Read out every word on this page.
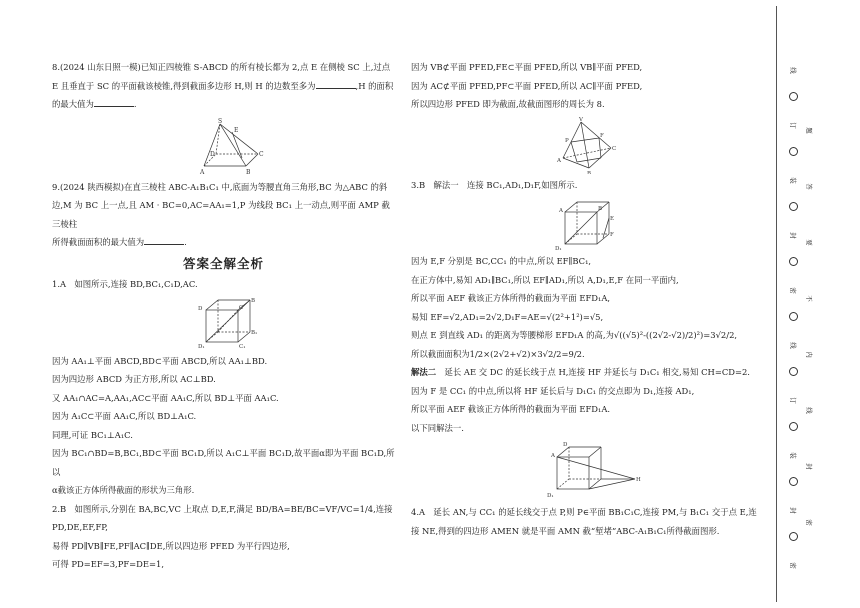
8.(2024 山东日照一模)已知正四棱锥 S-ABCD 的所有棱长都为 2,点 E 在侧棱 SC 上,过点

E 且垂直于 SC 的平面截该棱锥,得到截面多边形 H,则 H 的边数至多为	,H 的面积

的最大值为	.

S
E
A	B
C
D

9.(2024 陕西模拟)在直三棱柱 ABC-A₁B₁C₁ 中,底面为等腰直角三角形,BC 为△ABC 的斜

边,M 为 BC 上一点,且 AM · BC=0,AC=AA₁=1,P 为线段 BC₁ 上一动点,则平面 AMP 截三棱柱

所得截面面积的最大值为	.

答案全解全析

1.A　如图所示,连接 BD,BC₁,C₁D,AC.

D	C
D₁	C₁
B
B₁

因为 AA₁⊥平面 ABCD,BD⊂平面 ABCD,所以 AA₁⊥BD.

因为四边形 ABCD 为正方形,所以 AC⊥BD.

又 AA₁∩AC=A,AA₁,AC⊂平面 AA₁C,所以 BD⊥平面 AA₁C.

因为 A₁C⊂平面 AA₁C,所以 BD⊥A₁C.

同理,可证 BC₁⊥A₁C.

因为 BC₁∩BD=B,BC₁,BD⊂平面 BC₁D,所以 A₁C⊥平面 BC₁D,故平面α即为平面 BC₁D,所以

α截该正方体所得截面的形状为三角形.

2.B　如图所示,分别在 BA,BC,VC 上取点 D,E,F,满足 BD/BA=BE/BC=VF/VC=1/4,连接 PD,DE,EF,FP,

易得 PD∥VB∥FE,PF∥AC∥DE,所以四边形 PFED 为平行四边形,

可得 PD=EF=3,PF=DE=1,

因为 VB⊄平面 PFED,FE⊂平面 PFED,所以 VB∥平面 PFED,

因为 AC⊄平面 PFED,PF⊂平面 PFED,所以 AC∥平面 PFED,

所以四边形 PFED 即为截面,故截面图形的周长为 8.

V
A
B
C
P
F

3.B　解法一　连接 BC₁,AD₁,D₁F,如图所示.

A	B
D₁
E
F

因为 E,F 分别是 BC,CC₁ 的中点,所以 EF∥BC₁,

在正方体中,易知 AD₁∥BC₁,所以 EF∥AD₁,所以 A,D₁,E,F 在同一平面内,

所以平面 AEF 截该正方体所得的截面为平面 EFD₁A,

易知 EF=√2,AD₁=2√2,D₁F=AE=√(2²+1²)=√5,

则点 E 到直线 AD₁ 的距离为等腰梯形 EFD₁A 的高,为√((√5)²-((2√2-√2)/2)²)=3√2/2,

所以截面面积为1/2×(2√2+√2)×3√2/2=9/2.

解法二　延长 AE 交 DC 的延长线于点 H,连接 HF 并延长与 D₁C₁ 相交,易知 CH=CD=2.

因为 F 是 CC₁ 的中点,所以将 HF 延长后与 D₁C₁ 的交点即为 D₁,连接 AD₁,

所以平面 AEF 截该正方体所得的截面为平面 EFD₁A.

以下同解法一.

A
D
D₁
H

4.A　延长 AN,与 CC₁ 的延长线交于点 P,则 P∈平面 BB₁C₁C,连接 PM,与 B₁C₁ 交于点 E,连

接 NE,得到的四边形 AMEN 就是平面 AMN 截“堑堵”ABC-A₁B₁C₁所得截面图形.

线
订
装
封
密
线
订
装
封
密
题
答
要
不
内
线
封
密
